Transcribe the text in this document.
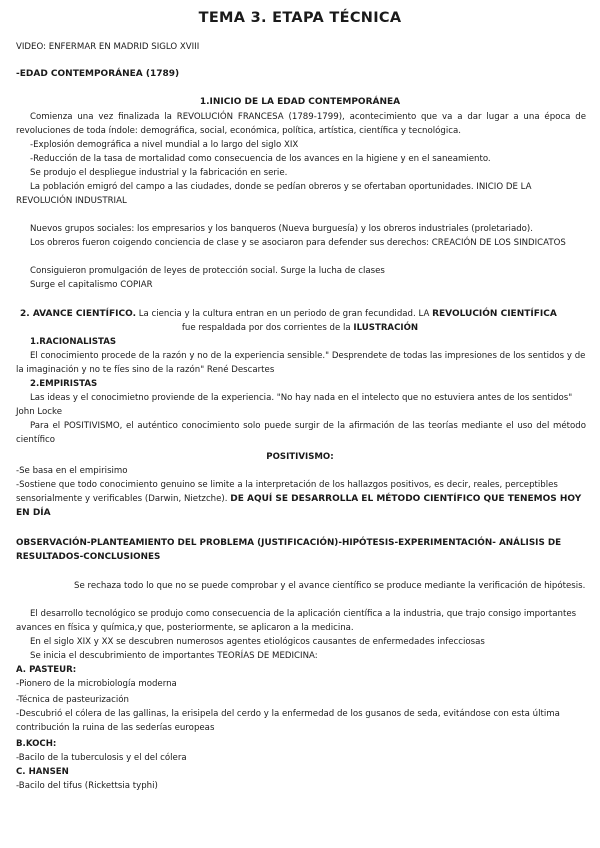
TEMA 3. ETAPA TÉCNICA

VIDEO: ENFERMAR EN MADRID SIGLO XVIII

-EDAD CONTEMPORÁNEA (1789)

1.INICIO DE LA EDAD CONTEMPORÁNEA

Comienza una vez finalizada la REVOLUCIÓN FRANCESA (1789-1799), acontecimiento que va a dar lugar a una época de revoluciones de toda índole: demográfica, social, económica, política, artística, científica y tecnológica.

-Explosión demográfica a nivel mundial a lo largo del siglo XIX

-Reducción de la tasa de mortalidad como consecuencia de los avances en la higiene y en el saneamiento.

Se produjo el despliegue industrial y la fabricación en serie.

La población emigró del campo a las ciudades, donde se pedían obreros y se ofertaban oportunidades. INICIO DE LA REVOLUCIÓN INDUSTRIAL

Nuevos grupos sociales: los empresarios y los banqueros (Nueva burguesía) y los obreros industriales (proletariado).

Los obreros fueron coigendo conciencia de clase y se asociaron para defender sus derechos: CREACIÓN DE LOS SINDICATOS

Consiguieron promulgación de leyes de protección social. Surge la lucha de clases

Surge el capitalismo COPIAR

2. AVANCE CIENTÍFICO. La ciencia y la cultura entran en un periodo de gran fecundidad. LA REVOLUCIÓN CIENTÍFICA

fue respaldada por dos corrientes de la ILUSTRACIÓN

1.RACIONALISTAS

El conocimiento procede de la razón y no de la experiencia sensible." Desprendete de todas las impresiones de los sentidos y de la imaginación y no te fíes sino de la razón" René Descartes

2.EMPIRISTAS

Las ideas y el conocimietno proviende de la experiencia. "No hay nada en el intelecto que no estuviera antes de los sentidos" John Locke

Para el POSITIVISMO, el auténtico conocimiento solo puede surgir de la afirmación de las teorías mediante el uso del método científico

POSITIVISMO:

-Se basa en el empirisimo

-Sostiene que todo conocimiento genuino se limite a la interpretación de los hallazgos positivos, es decir, reales, perceptibles sensorialmente y verificables (Darwin, Nietzche). DE AQUÍ SE DESARROLLA EL MÉTODO CIENTÍFICO QUE TENEMOS HOY EN DÍA

OBSERVACIÓN-PLANTEAMIENTO DEL PROBLEMA (JUSTIFICACIÓN)-HIPÓTESIS-EXPERIMENTACIÓN- ANÁLISIS DE RESULTADOS-CONCLUSIONES

Se rechaza todo lo que no se puede comprobar y el avance científico se produce mediante la verificación de hipótesis.

El desarrollo tecnológico se produjo como consecuencia de la aplicación científica a la industria, que trajo consigo importantes avances en física y química,y que, posteriormente, se aplicaron a la medicina.

En el siglo XIX y XX se descubren numerosos agentes etiológicos causantes de enfermedades infecciosas

Se inicia el descubrimiento de importantes TEORÍAS DE MEDICINA:

A. PASTEUR:

-Pionero de la microbiología moderna

-Técnica de pasteurización

-Descubrió el cólera de las gallinas, la erisipela del cerdo y la enfermedad de los gusanos de seda, evitándose con esta última contribución la ruina de las sederías europeas

B.KOCH:

-Bacilo de la tuberculosis y el del cólera

C. HANSEN

-Bacilo del tifus (Rickettsia typhi)
